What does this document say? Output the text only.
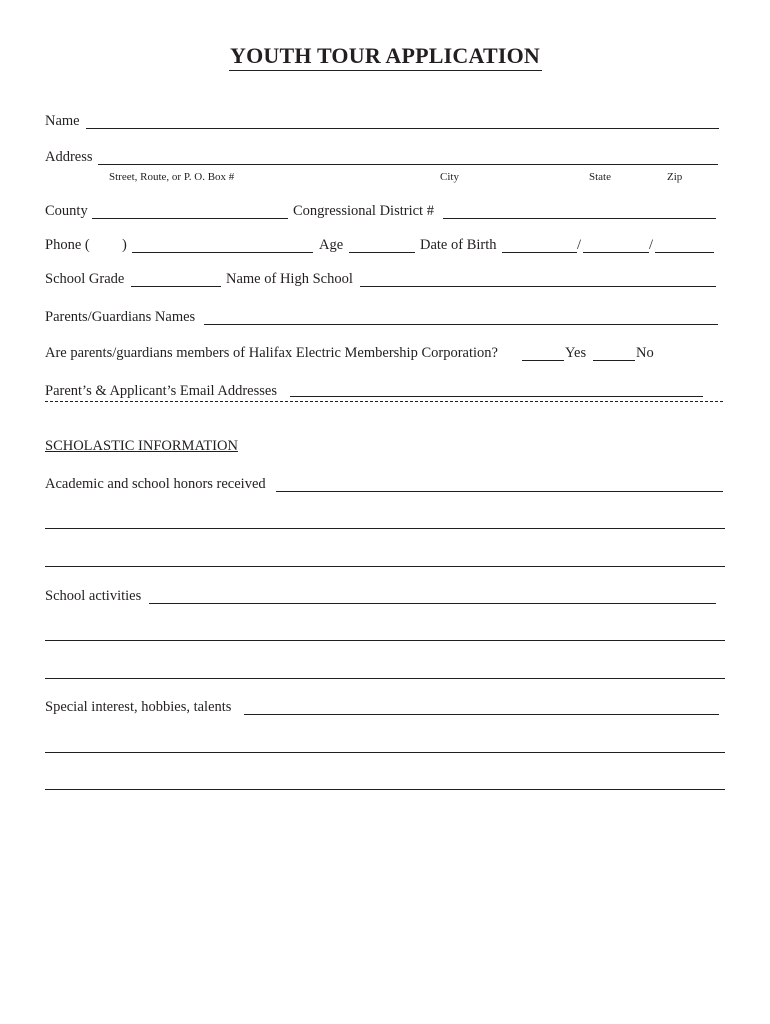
YOUTH TOUR APPLICATION
Name
Address
Street, Route, or P. O. Box #	City	State	Zip
County	Congressional District #
Phone ( )	Age	Date of Birth	/	/
School Grade	Name of High School
Parents/Guardians Names
Are parents/guardians members of Halifax Electric Membership Corporation?	Yes	No
Parent’s & Applicant’s Email Addresses
SCHOLASTIC INFORMATION
Academic and school honors received
School activities
Special interest, hobbies, talents
